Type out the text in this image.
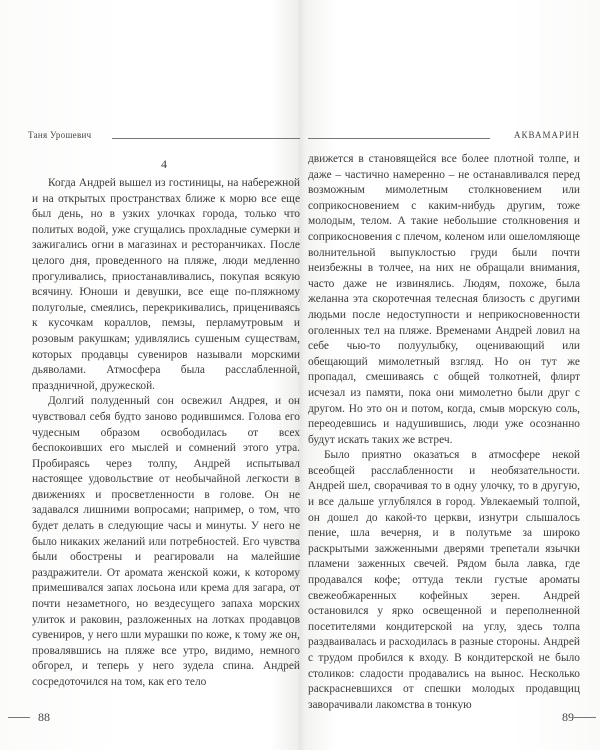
Таня Урошевич
4

Когда Андрей вышел из гостиницы, на набережной и на открытых пространствах ближе к морю все еще был день, но в узких улочках города, только что политых водой, уже сгущались прохладные сумерки и зажигались огни в магазинах и ресторанчиках. После целого дня, проведенного на пляже, люди медленно прогуливались, приостанавливались, покупая всякую всячину. Юноши и девушки, все еще по-пляжному полуголые, смеялись, перекрикивались, прицениваясь к кусочкам кораллов, пемзы, перламутровым и розовым ракушкам; удивлялись сушеным существам, которых продавцы сувениров называли морскими дьяволами. Атмосфера была расслабленной, праздничной, дружеской.

Долгий полуденный сон освежил Андрея, и он чувствовал себя будто заново родившимся. Голова его чудесным образом освободилась от всех беспокоивших его мыслей и сомнений этого утра. Пробираясь через толпу, Андрей испытывал настоящее удовольствие от необычайной легкости в движениях и просветленности в голове. Он не задавался лишними вопросами; например, о том, что будет делать в следующие часы и минуты. У него не было никаких желаний или потребностей. Его чувства были обострены и реагировали на малейшие раздражители. От аромата женской кожи, к которому примешивался запах лосьона или крема для загара, от почти незаметного, но вездесущего запаха морских улиток и раковин, разложенных на лотках продавцов сувениров, у него шли мурашки по коже, к тому же он, провалявшись на пляже все утро, видимо, немного обгорел, и теперь у него зудела спина. Андрей сосредоточился на том, как его тело

88
АКВАМАРИН

движется в становящейся все более плотной толпе, и даже – частично намеренно – не останавливался перед возможным мимолетным столкновением или соприкосновением с каким-нибудь другим, тоже молодым, телом. А такие небольшие столкновения и соприкосновения с плечом, коленом или ошеломляюще волнительной выпуклостью груди были почти неизбежны в толчее, на них не обращали внимания, часто даже не извинялись. Людям, похоже, была желанна эта скоротечная телесная близость с другими людьми после недоступности и неприкосновенности оголенных тел на пляже. Временами Андрей ловил на себе чью-то полуулыбку, оценивающий или обещающий мимолетный взгляд. Но он тут же пропадал, смешиваясь с общей толкотней, флирт исчезал из памяти, пока они мимолетно были друг с другом. Но это он и потом, когда, смыв морскую соль, переодевшись и надушившись, люди уже осознанно будут искать таких же встреч.

Было приятно оказаться в атмосфере некой всеобщей расслабленности и необязательности. Андрей шел, сворачивая то в одну улочку, то в другую, и все дальше углублялся в город. Увлекаемый толпой, он дошел до какой-то церкви, изнутри слышалось пение, шла вечерня, и в полутьме за широко раскрытыми зажженными дверями трепетали язычки пламени заженных свечей. Рядом была лавка, где продавался кофе; оттуда текли густые ароматы свежеобжаренных кофейных зерен. Андрей остановился у ярко освещенной и переполненной посетителями кондитерской на углу, здесь толпа раздваивалась и расходилась в разные стороны. Андрей с трудом пробился к входу. В кондитерской не было столиков: сладости продавались на вынос. Несколько раскрасневшихся от спешки молодых продавщиц заворачивали лакомства в тонкую

89
